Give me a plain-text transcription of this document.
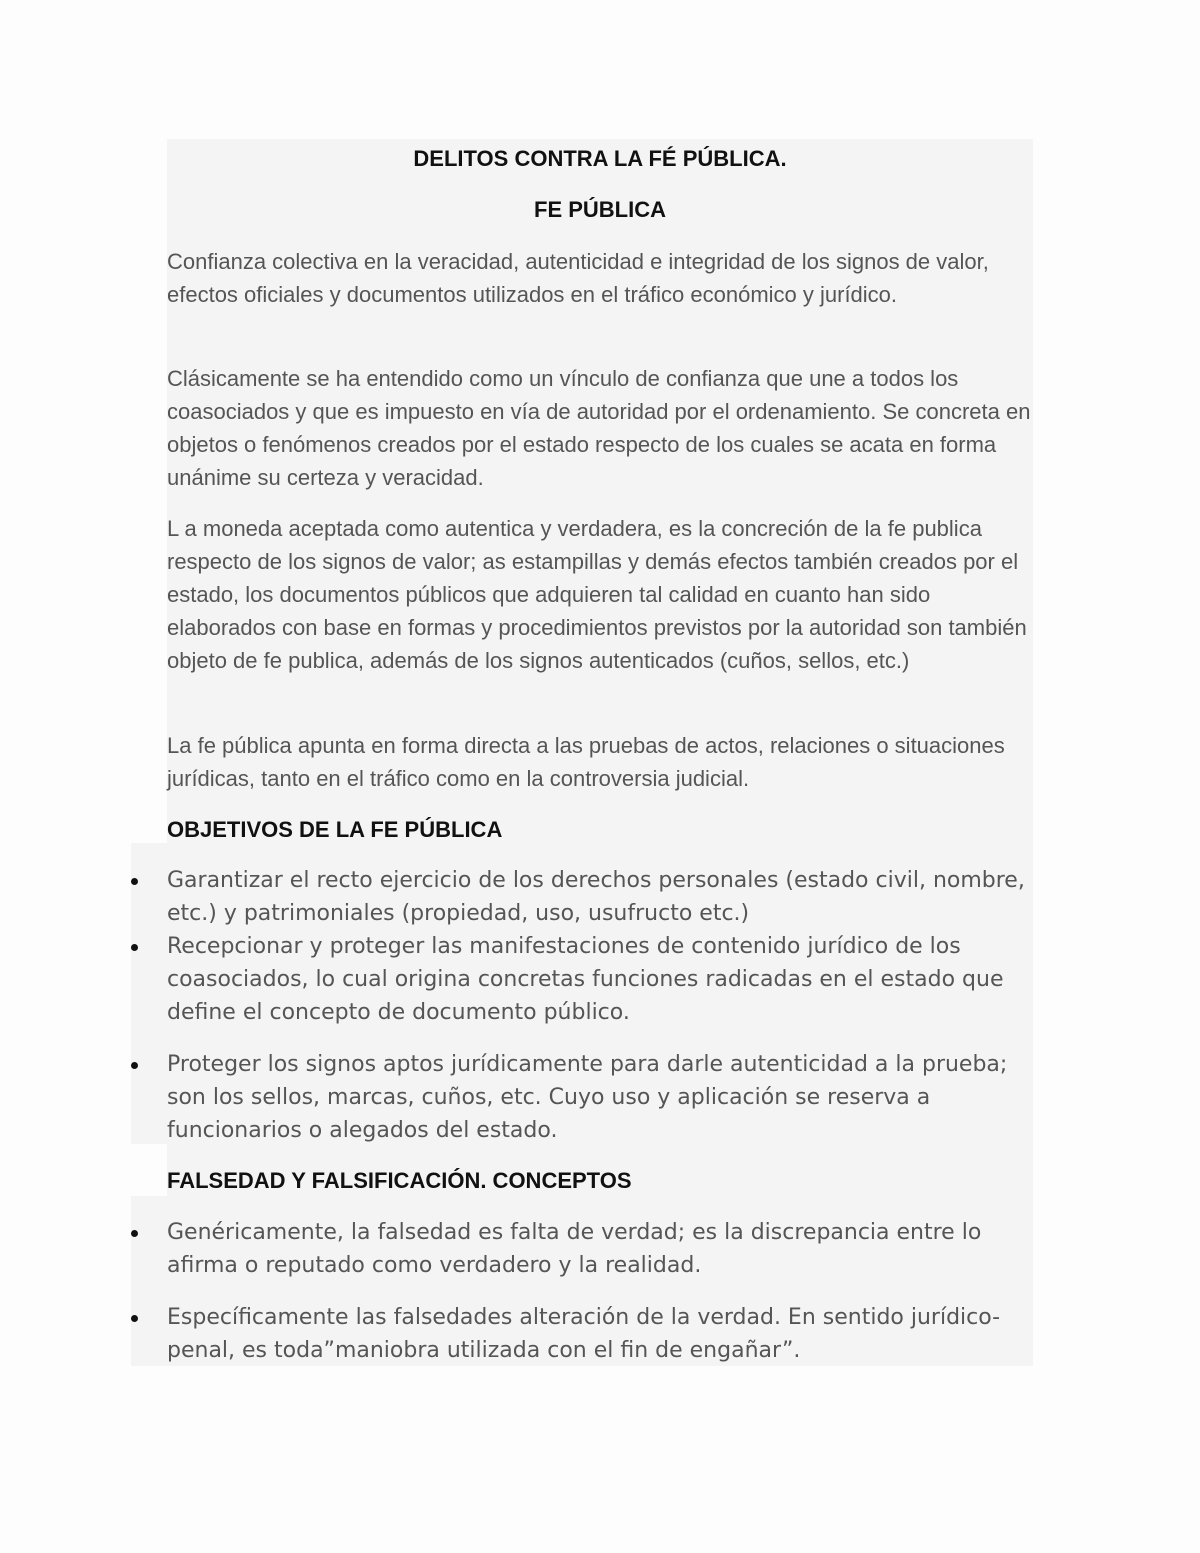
DELITOS CONTRA LA FÉ PÚBLICA.
FE PÚBLICA

Confianza colectiva en la veracidad, autenticidad e integridad de los signos de valor, efectos oficiales y documentos utilizados en el tráfico económico y jurídico.

Clásicamente se ha entendido como un vínculo de confianza que une a todos los coasociados y que es impuesto en vía de autoridad por el ordenamiento. Se concreta en objetos o fenómenos creados por el estado respecto de los cuales se acata en forma unánime su certeza y veracidad.

L a moneda aceptada como autentica y verdadera, es la concreción de la fe publica respecto de los signos de valor; as estampillas y demás efectos también creados por el estado, los documentos públicos que adquieren tal calidad en cuanto han sido elaborados con base en formas y procedimientos previstos por la autoridad son también objeto de fe publica, además de los signos autenticados (cuños, sellos, etc.)

La fe pública apunta en forma directa a las pruebas de actos, relaciones o situaciones jurídicas, tanto en el tráfico como en la controversia judicial.

OBJETIVOS DE LA FE PÚBLICA
Garantizar el recto ejercicio de los derechos personales (estado civil, nombre, etc.) y patrimoniales (propiedad, uso, usufructo etc.)
Recepcionar y proteger las manifestaciones de contenido jurídico de los coasociados, lo cual origina concretas funciones radicadas en el estado que define el concepto de documento público.
Proteger los signos aptos jurídicamente para darle autenticidad a la prueba; son los sellos, marcas, cuños, etc. Cuyo uso y aplicación se reserva a funcionarios o alegados del estado.
FALSEDAD Y FALSIFICACIÓN. CONCEPTOS
Genéricamente, la falsedad es falta de verdad; es la discrepancia entre lo afirma o reputado como verdadero y la realidad.
Específicamente las falsedades alteración de la verdad. En sentido jurídico-penal, es toda”maniobra utilizada con el fin de engañar”.
